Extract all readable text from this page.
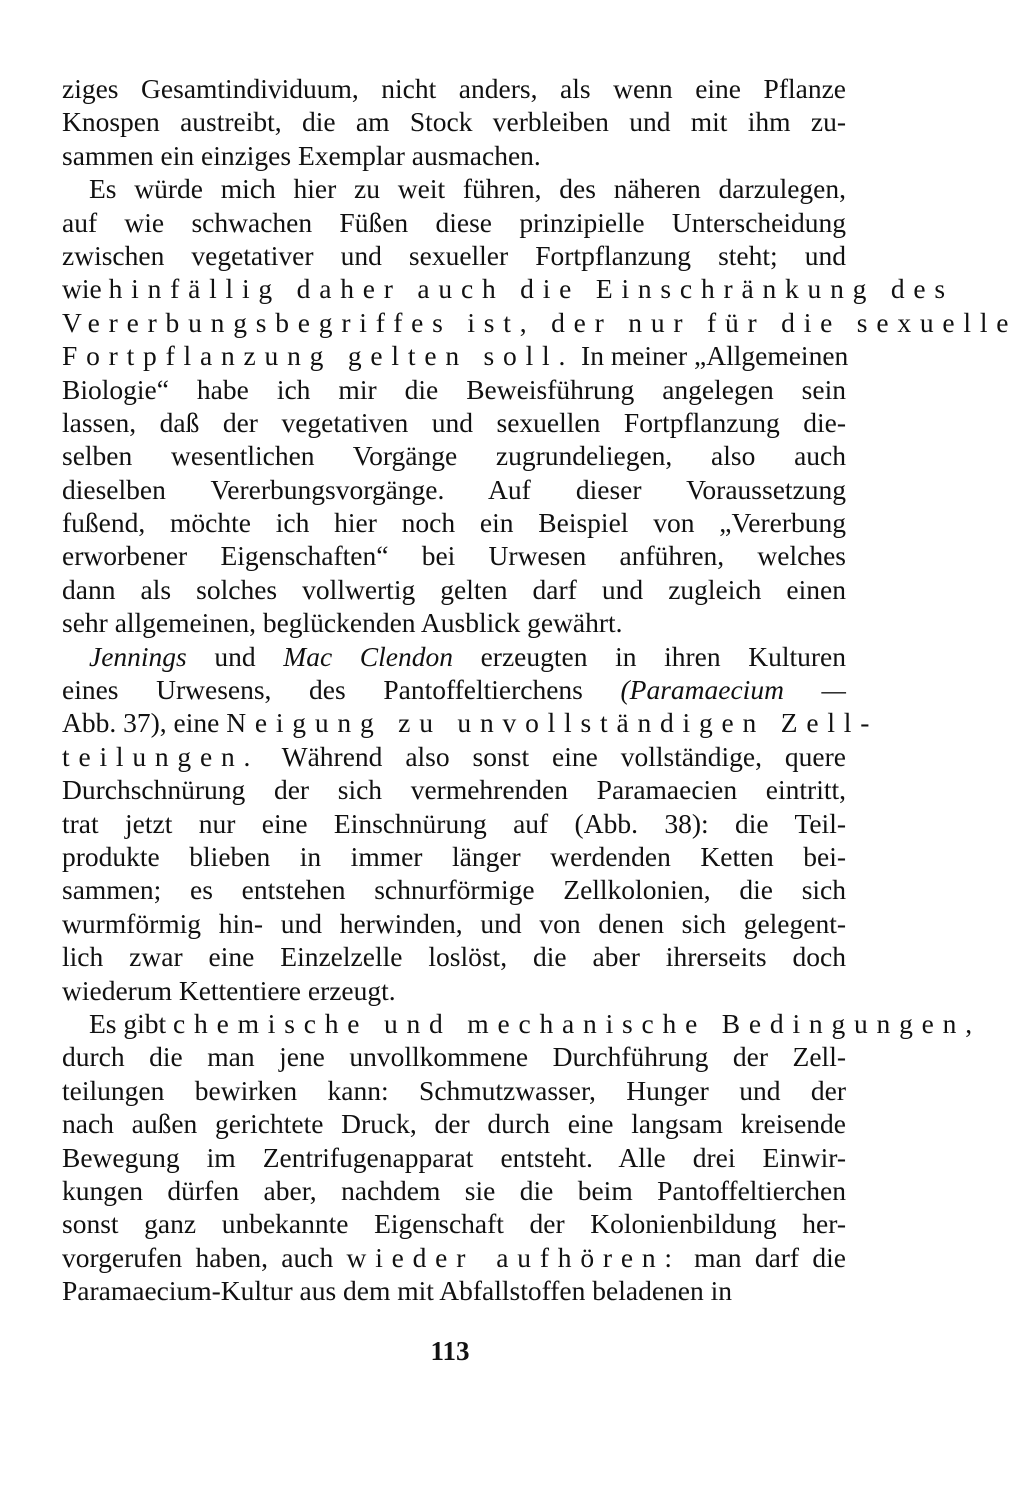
ziges Gesamtindividuum, nicht anders, als wenn eine Pflanze
Knospen austreibt, die am Stock verbleiben und mit ihm zu-
sammen ein einziges Exemplar ausmachen.
Es würde mich hier zu weit führen, des näheren darzulegen,
auf wie schwachen Füßen diese prinzipielle Unterscheidung
zwischen vegetativer und sexueller Fortpflanzung steht; und
wie hinfällig daher auch die Einschränkung des
Vererbungsbegriffes ist, der nur für die sexuelle
Fortpflanzung gelten soll. In meiner „Allgemeinen
Biologie“ habe ich mir die Beweisführung angelegen sein
lassen, daß der vegetativen und sexuellen Fortpflanzung die-
selben wesentlichen Vorgänge zugrundeliegen, also auch
dieselben Vererbungsvorgänge. Auf dieser Voraussetzung
fußend, möchte ich hier noch ein Beispiel von „Vererbung
erworbener Eigenschaften“ bei Urwesen anführen, welches
dann als solches vollwertig gelten darf und zugleich einen
sehr allgemeinen, beglückenden Ausblick gewährt.
Jennings und Mac Clendon erzeugten in ihren Kulturen
eines Urwesens, des Pantoffeltierchens (Paramaecium —
Abb. 37), eine Neigung zu unvollständigen Zell-
teilungen. Während also sonst eine vollständige, quere
Durchschnürung der sich vermehrenden Paramaecien eintritt,
trat jetzt nur eine Einschnürung auf (Abb. 38): die Teil-
produkte blieben in immer länger werdenden Ketten bei-
sammen; es entstehen schnurförmige Zellkolonien, die sich
wurmförmig hin- und herwinden, und von denen sich gelegent-
lich zwar eine Einzelzelle loslöst, die aber ihrerseits doch
wiederum Kettentiere erzeugt.
Es gibt chemische und mechanische Bedingungen,
durch die man jene unvollkommene Durchführung der Zell-
teilungen bewirken kann: Schmutzwasser, Hunger und der
nach außen gerichtete Druck, der durch eine langsam kreisende
Bewegung im Zentrifugenapparat entsteht. Alle drei Einwir-
kungen dürfen aber, nachdem sie die beim Pantoffeltierchen
sonst ganz unbekannte Eigenschaft der Kolonienbildung her-
vorgerufen haben, auch wieder aufhören: man darf die
Paramaecium-Kultur aus dem mit Abfallstoffen beladenen in
113
